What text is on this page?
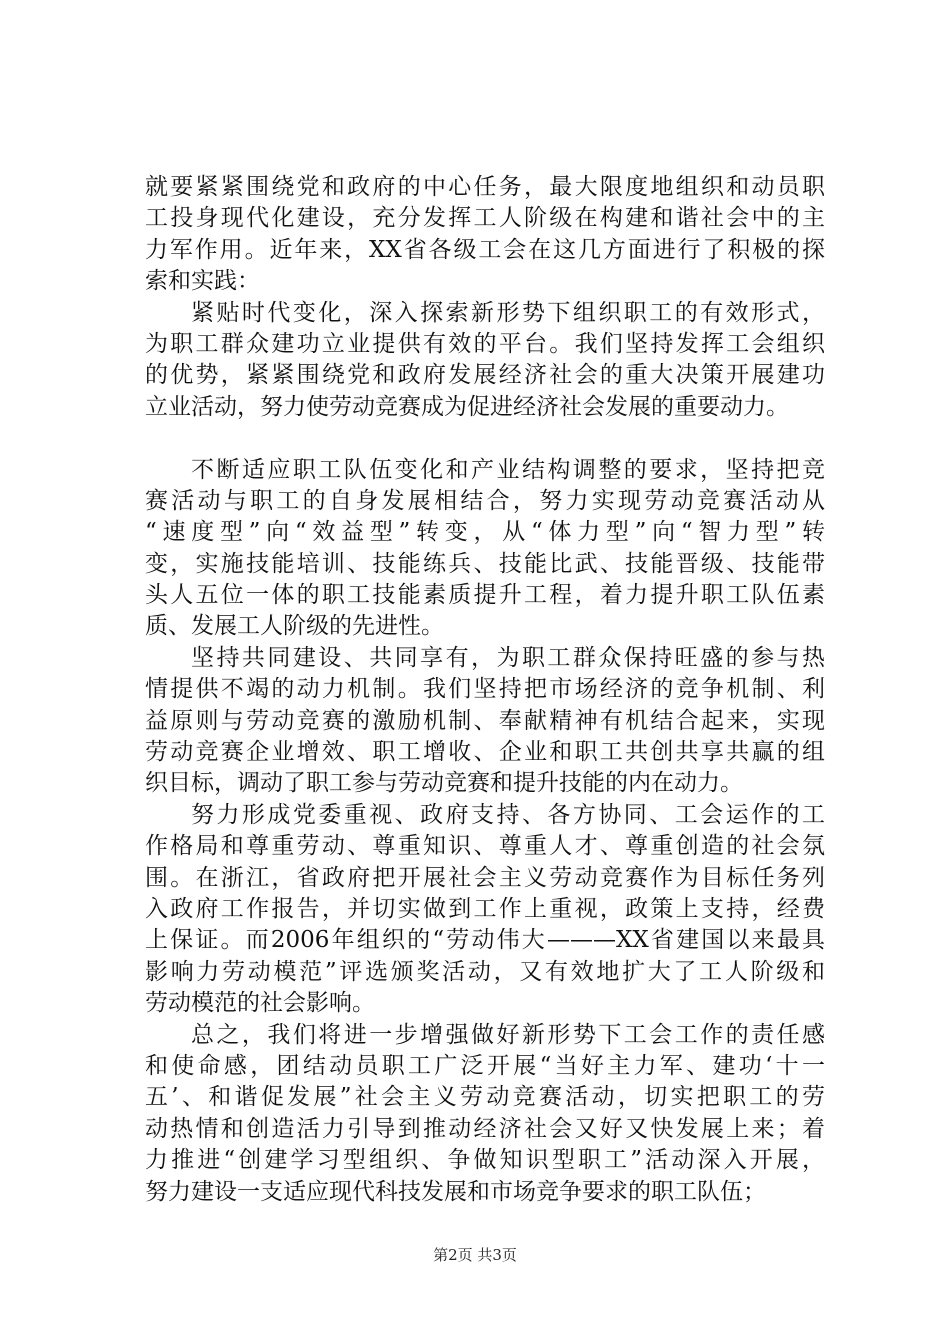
就要紧紧围绕党和政府的中心任务，最大限度地组织和动员职
工投身现代化建设，充分发挥工人阶级在构建和谐社会中的主
力军作用。近年来，XX省各级工会在这几方面进行了积极的探
索和实践：
紧贴时代变化，深入探索新形势下组织职工的有效形式，
为职工群众建功立业提供有效的平台。我们坚持发挥工会组织
的优势，紧紧围绕党和政府发展经济社会的重大决策开展建功
立业活动，努力使劳动竞赛成为促进经济社会发展的重要动力。
不断适应职工队伍变化和产业结构调整的要求，坚持把竞
赛活动与职工的自身发展相结合，努力实现劳动竞赛活动从
“速度型”向“效益型”转变，从“体力型”向“智力型”转
变，实施技能培训、技能练兵、技能比武、技能晋级、技能带
头人五位一体的职工技能素质提升工程，着力提升职工队伍素
质、发展工人阶级的先进性。
坚持共同建设、共同享有，为职工群众保持旺盛的参与热
情提供不竭的动力机制。我们坚持把市场经济的竞争机制、利
益原则与劳动竞赛的激励机制、奉献精神有机结合起来，实现
劳动竞赛企业增效、职工增收、企业和职工共创共享共赢的组
织目标，调动了职工参与劳动竞赛和提升技能的内在动力。
努力形成党委重视、政府支持、各方协同、工会运作的工
作格局和尊重劳动、尊重知识、尊重人才、尊重创造的社会氛
围。在浙江，省政府把开展社会主义劳动竞赛作为目标任务列
入政府工作报告，并切实做到工作上重视，政策上支持，经费
上保证。而2006年组织的“劳动伟大———XX省建国以来最具
影响力劳动模范”评选颁奖活动，又有效地扩大了工人阶级和
劳动模范的社会影响。
总之，我们将进一步增强做好新形势下工会工作的责任感
和使命感，团结动员职工广泛开展“当好主力军、建功‘十一
五’、和谐促发展”社会主义劳动竞赛活动，切实把职工的劳
动热情和创造活力引导到推动经济社会又好又快发展上来；着
力推进“创建学习型组织、争做知识型职工”活动深入开展，
努力建设一支适应现代科技发展和市场竞争要求的职工队伍；
第2页 共3页
